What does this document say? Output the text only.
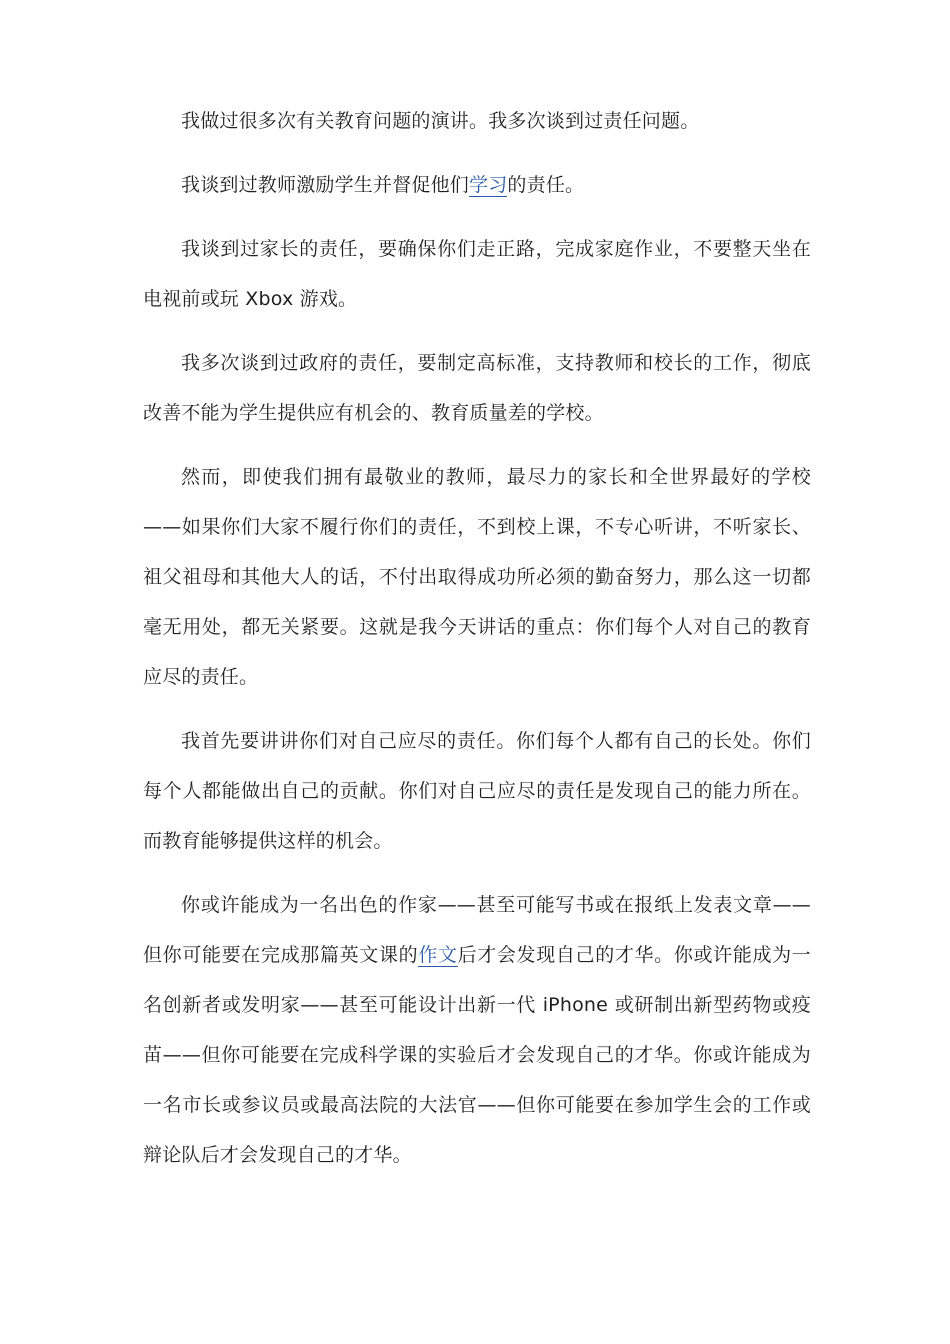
我做过很多次有关教育问题的演讲。我多次谈到过责任问题。

我谈到过教师激励学生并督促他们学习的责任。

我谈到过家长的责任，要确保你们走正路，完成家庭作业，不要整天坐在电视前或玩 Xbox 游戏。

我多次谈到过政府的责任，要制定高标准，支持教师和校长的工作，彻底改善不能为学生提供应有机会的、教育质量差的学校。

然而，即使我们拥有最敬业的教师，最尽力的家长和全世界最好的学校——如果你们大家不履行你们的责任，不到校上课，不专心听讲，不听家长、祖父祖母和其他大人的话，不付出取得成功所必须的勤奋努力，那么这一切都毫无用处，都无关紧要。这就是我今天讲话的重点：你们每个人对自己的教育应尽的责任。

我首先要讲讲你们对自己应尽的责任。你们每个人都有自己的长处。你们每个人都能做出自己的贡献。你们对自己应尽的责任是发现自己的能力所在。而教育能够提供这样的机会。

你或许能成为一名出色的作家——甚至可能写书或在报纸上发表文章——但你可能要在完成那篇英文课的作文后才会发现自己的才华。你或许能成为一名创新者或发明家——甚至可能设计出新一代 iPhone 或研制出新型药物或疫苗——但你可能要在完成科学课的实验后才会发现自己的才华。你或许能成为一名市长或参议员或最高法院的大法官——但你可能要在参加学生会的工作或辩论队后才会发现自己的才华。
